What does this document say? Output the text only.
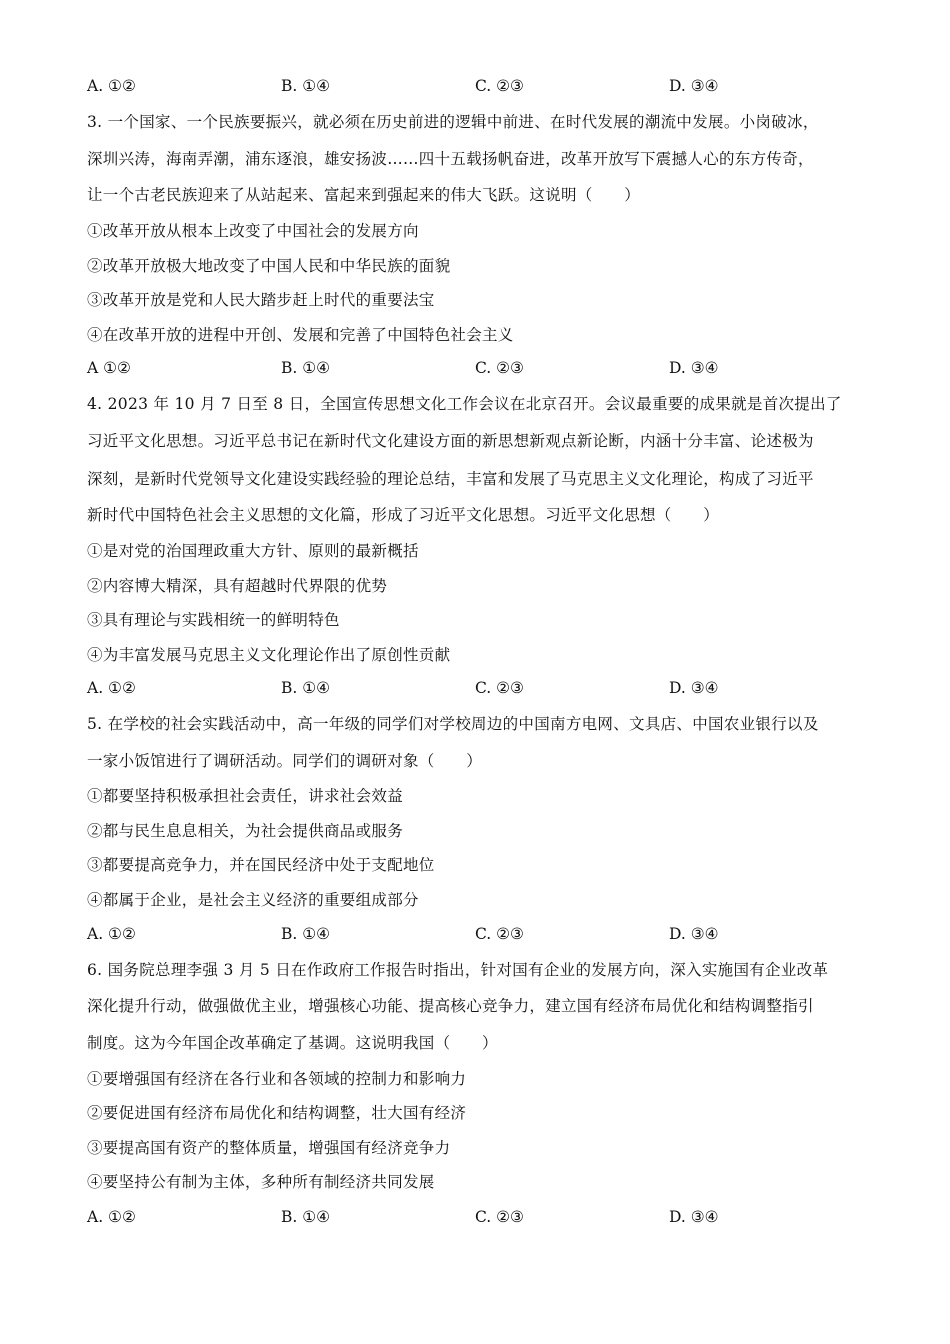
A. ①②	B. ①④	C. ②③	D. ③④
3. 一个国家、一个民族要振兴，就必须在历史前进的逻辑中前进、在时代发展的潮流中发展。小岗破冰，
深圳兴涛，海南弄潮，浦东逐浪，雄安扬波……四十五载扬帆奋进，改革开放写下震撼人心的东方传奇，
让一个古老民族迎来了从站起来、富起来到强起来的伟大飞跃。这说明（　　）
①改革开放从根本上改变了中国社会的发展方向
②改革开放极大地改变了中国人民和中华民族的面貌
③改革开放是党和人民大踏步赶上时代的重要法宝
④在改革开放的进程中开创、发展和完善了中国特色社会主义
A ①②	B. ①④	C. ②③	D. ③④
4. 2023 年 10 月 7 日至 8 日，全国宣传思想文化工作会议在北京召开。会议最重要的成果就是首次提出了
习近平文化思想。习近平总书记在新时代文化建设方面的新思想新观点新论断，内涵十分丰富、论述极为
深刻，是新时代党领导文化建设实践经验的理论总结，丰富和发展了马克思主义文化理论，构成了习近平
新时代中国特色社会主义思想的文化篇，形成了习近平文化思想。习近平文化思想（　　）
①是对党的治国理政重大方针、原则的最新概括
②内容博大精深，具有超越时代界限的优势
③具有理论与实践相统一的鲜明特色
④为丰富发展马克思主义文化理论作出了原创性贡献
A. ①②	B. ①④	C. ②③	D. ③④
5. 在学校的社会实践活动中，高一年级的同学们对学校周边的中国南方电网、文具店、中国农业银行以及
一家小饭馆进行了调研活动。同学们的调研对象（　　）
①都要坚持积极承担社会责任，讲求社会效益
②都与民生息息相关，为社会提供商品或服务
③都要提高竞争力，并在国民经济中处于支配地位
④都属于企业，是社会主义经济的重要组成部分
A. ①②	B. ①④	C. ②③	D. ③④
6. 国务院总理李强 3 月 5 日在作政府工作报告时指出，针对国有企业的发展方向，深入实施国有企业改革
深化提升行动，做强做优主业，增强核心功能、提高核心竞争力，建立国有经济布局优化和结构调整指引
制度。这为今年国企改革确定了基调。这说明我国（　　）
①要增强国有经济在各行业和各领域的控制力和影响力
②要促进国有经济布局优化和结构调整，壮大国有经济
③要提高国有资产的整体质量，增强国有经济竞争力
④要坚持公有制为主体，多种所有制经济共同发展
A. ①②	B. ①④	C. ②③	D. ③④
